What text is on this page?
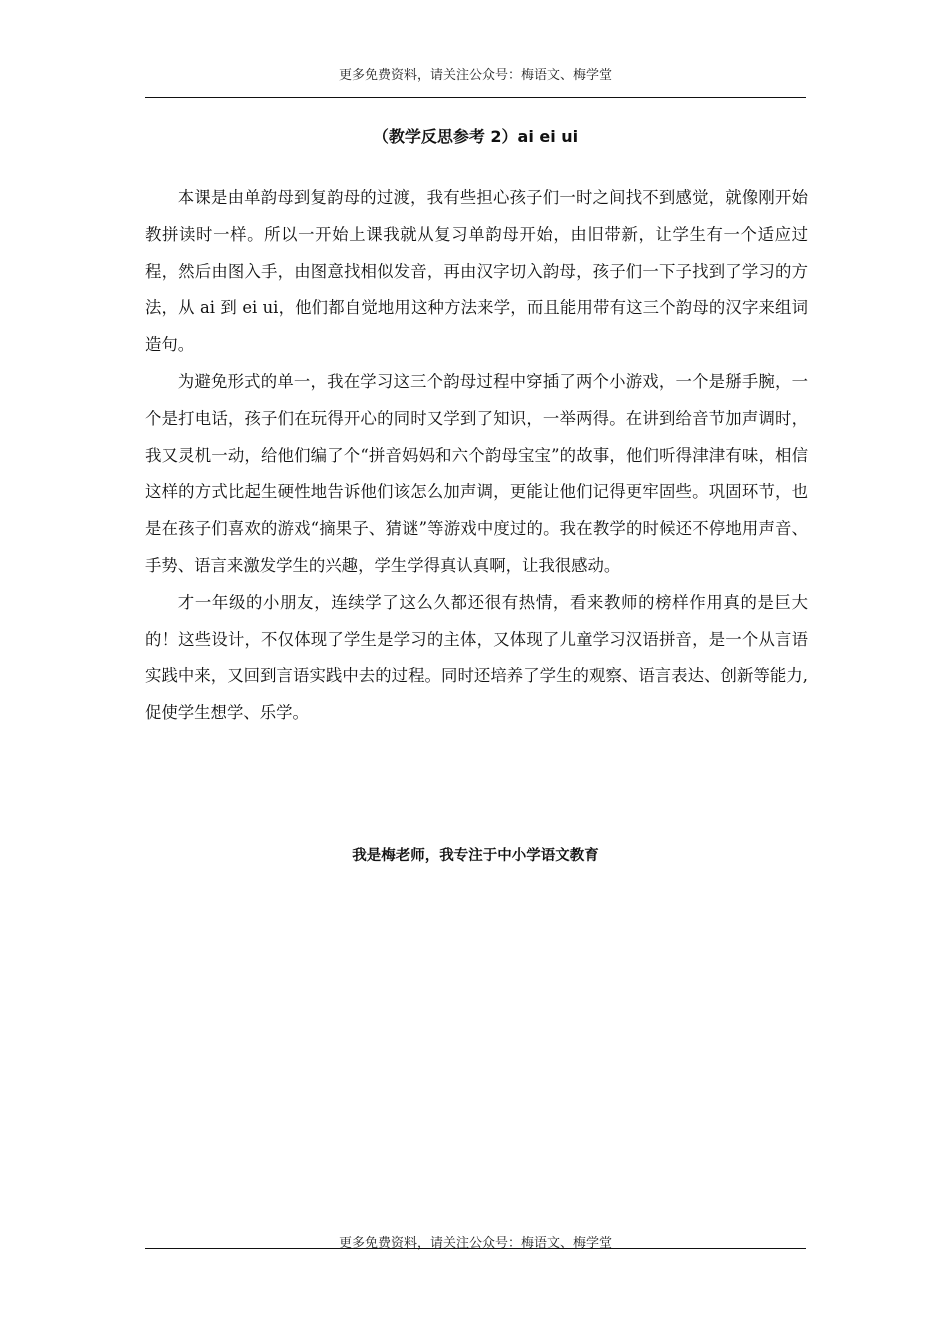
更多免费资料，请关注公众号：梅语文、梅学堂
（教学反思参考 2）ai ei ui

本课是由单韵母到复韵母的过渡，我有些担心孩子们一时之间找不到感觉，就像刚开始教拼读时一样。所以一开始上课我就从复习单韵母开始，由旧带新，让学生有一个适应过程，然后由图入手，由图意找相似发音，再由汉字切入韵母，孩子们一下子找到了学习的方法，从 ai 到 ei ui，他们都自觉地用这种方法来学，而且能用带有这三个韵母的汉字来组词造句。

为避免形式的单一，我在学习这三个韵母过程中穿插了两个小游戏，一个是掰手腕，一个是打电话，孩子们在玩得开心的同时又学到了知识，一举两得。在讲到给音节加声调时，我又灵机一动，给他们编了个“拼音妈妈和六个韵母宝宝”的故事，他们听得津津有味，相信这样的方式比起生硬性地告诉他们该怎么加声调，更能让他们记得更牢固些。巩固环节，也是在孩子们喜欢的游戏“摘果子、猜谜”等游戏中度过的。我在教学的时候还不停地用声音、手势、语言来激发学生的兴趣，学生学得真认真啊，让我很感动。

才一年级的小朋友，连续学了这么久都还很有热情，看来教师的榜样作用真的是巨大的！这些设计，不仅体现了学生是学习的主体，又体现了儿童学习汉语拼音，是一个从言语实践中来，又回到言语实践中去的过程。同时还培养了学生的观察、语言表达、创新等能力,促使学生想学、乐学。

我是梅老师，我专注于中小学语文教育
更多免费资料，请关注公众号：梅语文、梅学堂
